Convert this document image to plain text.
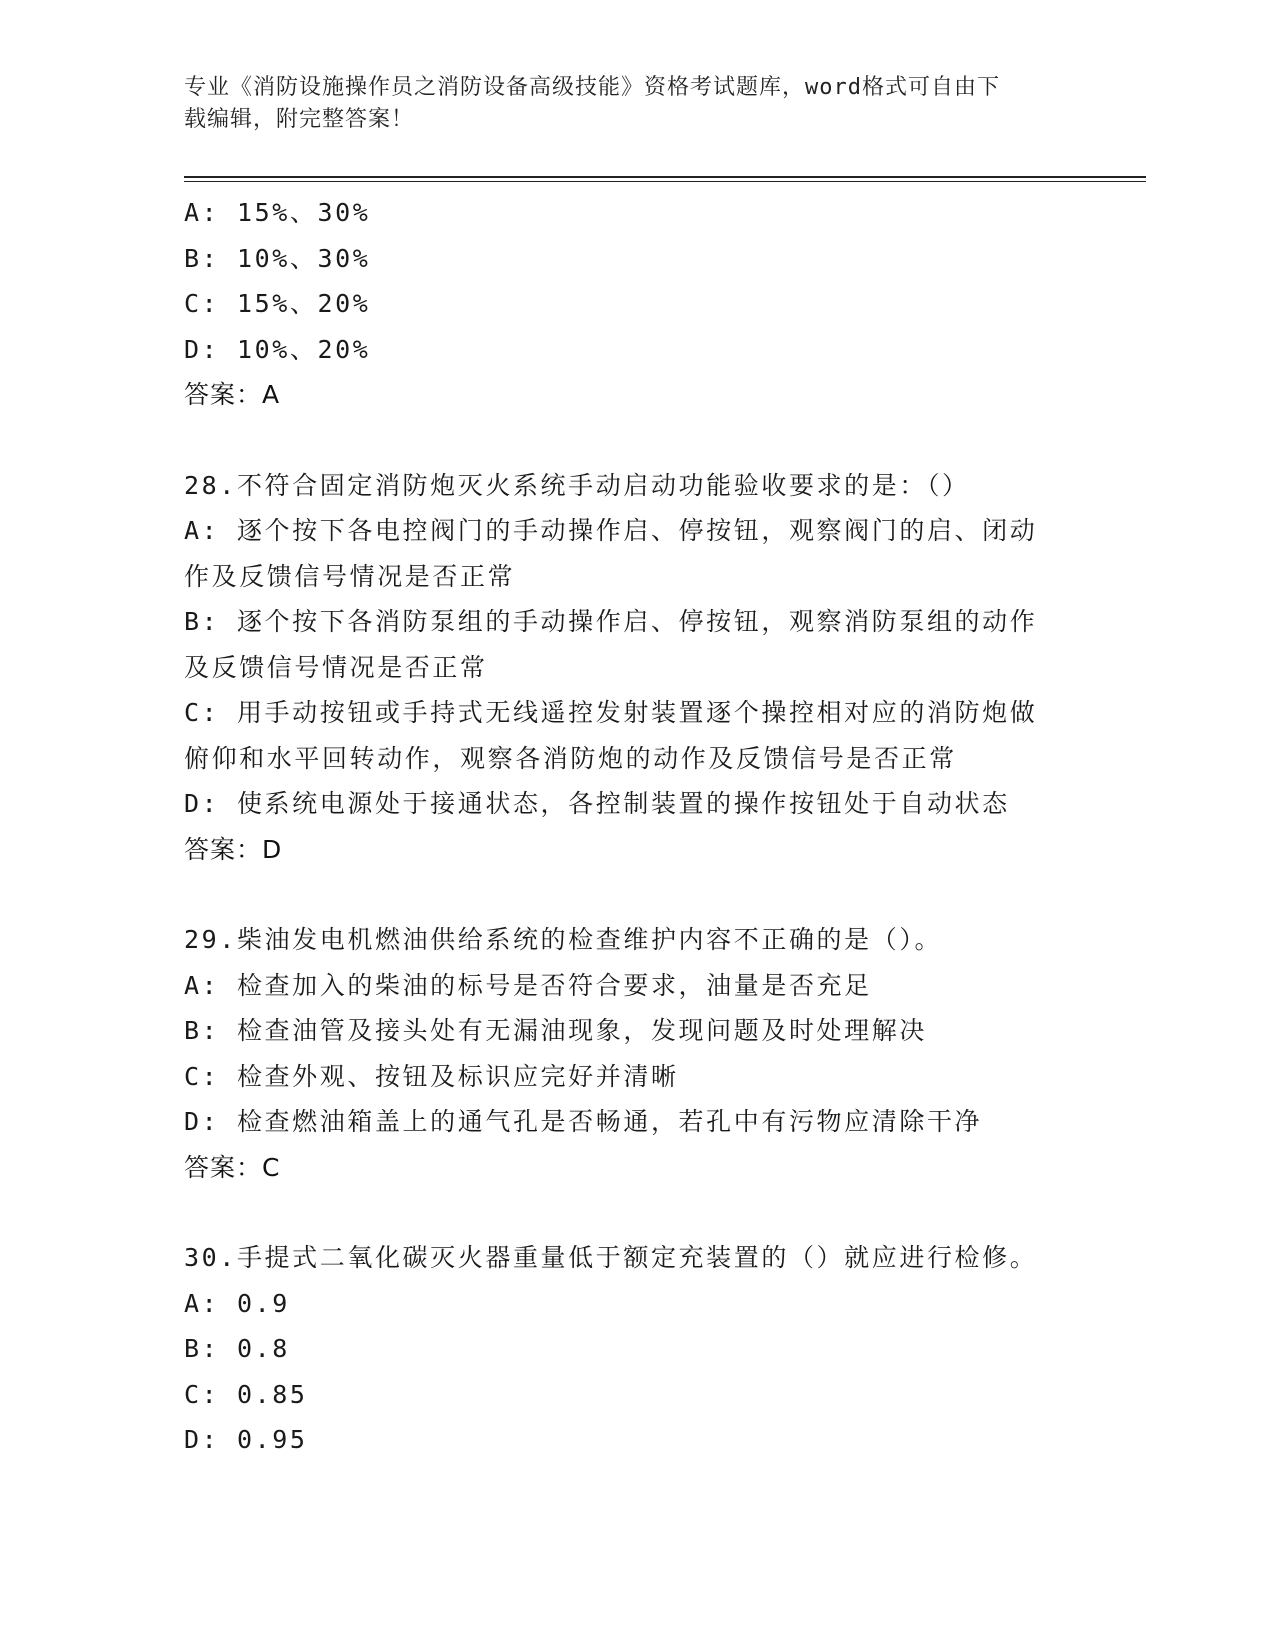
专业《消防设施操作员之消防设备高级技能》资格考试题库，word格式可自由下
载编辑，附完整答案！
A: 15%、30%
B: 10%、30%
C: 15%、20%
D: 10%、20%
答案：A
28.不符合固定消防炮灭火系统手动启动功能验收要求的是：（）
A: 逐个按下各电控阀门的手动操作启、停按钮，观察阀门的启、闭动
作及反馈信号情况是否正常
B: 逐个按下各消防泵组的手动操作启、停按钮，观察消防泵组的动作
及反馈信号情况是否正常
C: 用手动按钮或手持式无线遥控发射装置逐个操控相对应的消防炮做
俯仰和水平回转动作，观察各消防炮的动作及反馈信号是否正常
D: 使系统电源处于接通状态，各控制装置的操作按钮处于自动状态
答案：D
29.柴油发电机燃油供给系统的检查维护内容不正确的是（）。
A: 检查加入的柴油的标号是否符合要求，油量是否充足
B: 检查油管及接头处有无漏油现象，发现问题及时处理解决
C: 检查外观、按钮及标识应完好并清晰
D: 检查燃油箱盖上的通气孔是否畅通，若孔中有污物应清除干净
答案：C
30.手提式二氧化碳灭火器重量低于额定充装置的（）就应进行检修。
A: 0.9
B: 0.8
C: 0.85
D: 0.95
